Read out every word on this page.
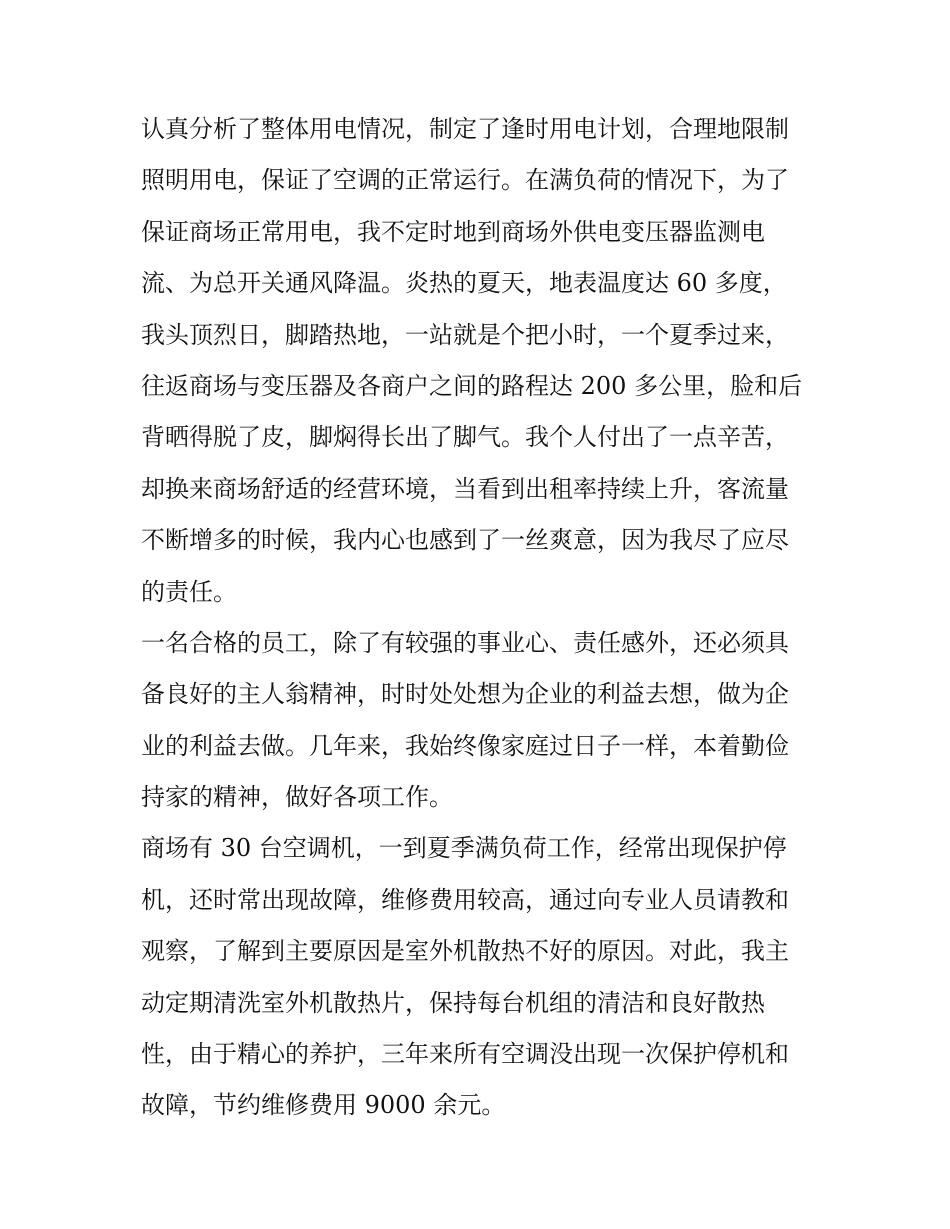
认真分析了整体用电情况，制定了逢时用电计划，合理地限制
照明用电，保证了空调的正常运行。在满负荷的情况下，为了
保证商场正常用电，我不定时地到商场外供电变压器监测电
流、为总开关通风降温。炎热的夏天，地表温度达 60 多度，
我头顶烈日，脚踏热地，一站就是个把小时，一个夏季过来，
往返商场与变压器及各商户之间的路程达 200 多公里，脸和后
背晒得脱了皮，脚焖得长出了脚气。我个人付出了一点辛苦，
却换来商场舒适的经营环境，当看到出租率持续上升，客流量
不断增多的时候，我内心也感到了一丝爽意，因为我尽了应尽
的责任。
一名合格的员工，除了有较强的事业心、责任感外，还必须具
备良好的主人翁精神，时时处处想为企业的利益去想，做为企
业的利益去做。几年来，我始终像家庭过日子一样，本着勤俭
持家的精神，做好各项工作。
商场有 30 台空调机，一到夏季满负荷工作，经常出现保护停
机，还时常出现故障，维修费用较高，通过向专业人员请教和
观察，了解到主要原因是室外机散热不好的原因。对此，我主
动定期清洗室外机散热片，保持每台机组的清洁和良好散热
性，由于精心的养护，三年来所有空调没出现一次保护停机和
故障，节约维修费用 9000 余元。
